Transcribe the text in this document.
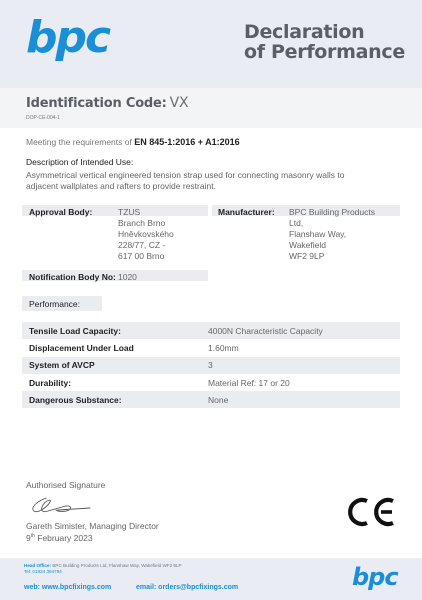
bpc	Declaration
of Performance
Identification Code: VX
DOP-CE-004-1
Meeting the requirements of EN 845-1:2016 + A1:2016
Description of Intended Use:
Asymmetrical vertical engineered tension strap used for connecting masonry walls to
adjacent wallplates and rafters to provide restraint.
Approval Body:	TZUS
Branch Brno
Hněvkovského
228/77, CZ -
617 00 Brno
Manufacturer: BPC Building Products
Ltd,
Flanshaw Way,
Wakefield
WF2 9LP
Notification Body No: 1020
Performance:
Tensile Load Capacity:	4000N Characteristic Capacity
Displacement Under Load	1.60mm
System of AVCP	3
Durability:	Material Ref: 17 or 20
Dangerous Substance:	None
Authorised Signature
Gareth Simister, Managing Director
9th February 2023
Head Office: BPC Building Products Ltd, Flanshaw Way, Wakefield WF2 9LP
Tel: 01924 364794
web: www.bpcfixings.com	email: orders@bpcfixings.com	bpc
